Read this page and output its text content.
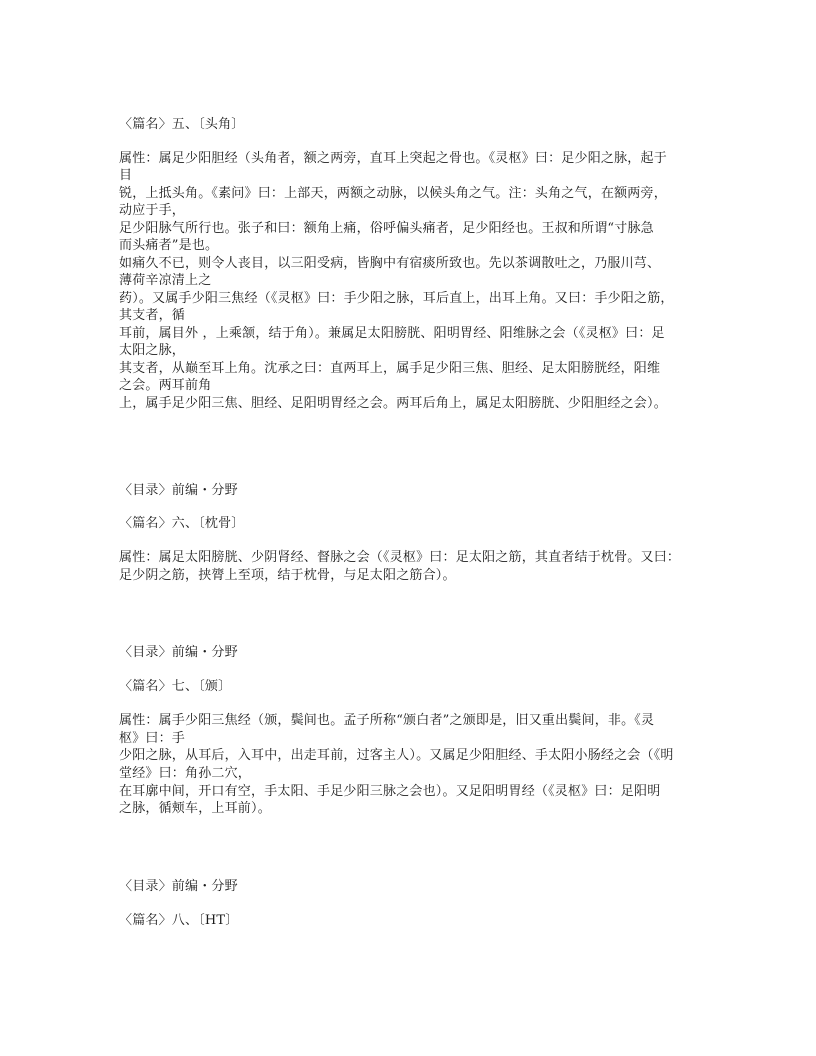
〈篇名〉五、〔头角〕
属性：属足少阳胆经（头角者，额之两旁，直耳上突起之骨也。《灵枢》曰：足少阳之脉，起于
目
锐，上抵头角。《素问》曰：上部天，两额之动脉，以候头角之气。注：头角之气，在额两旁，
动应于手，
足少阳脉气所行也。张子和曰：额角上痛，俗呼偏头痛者，足少阳经也。王叔和所谓“寸脉急
而头痛者”是也。
如痛久不已，则令人丧目，以三阳受病，皆胸中有宿痰所致也。先以茶调散吐之，乃服川芎、
薄荷辛凉清上之
药）。又属手少阳三焦经（《灵枢》曰：手少阳之脉，耳后直上，出耳上角。又曰：手少阳之筋，
其支者，循
耳前，属目外 ，上乘颔，结于角）。兼属足太阳膀胱、阳明胃经、阳维脉之会（《灵枢》曰：足
太阳之脉，
其支者，从巅至耳上角。沈承之曰：直两耳上，属手足少阳三焦、胆经、足太阳膀胱经，阳维
之会。两耳前角
上，属手足少阳三焦、胆经、足阳明胃经之会。两耳后角上，属足太阳膀胱、少阳胆经之会）。
〈目录〉前编・分野
〈篇名〉六、〔枕骨〕
属性：属足太阳膀胱、少阴肾经、督脉之会（《灵枢》曰：足太阳之筋，其直者结于枕骨。又曰：
足少阴之筋，挟膂上至项，结于枕骨，与足太阳之筋合）。
〈目录〉前编・分野
〈篇名〉七、〔颁〕
属性：属手少阳三焦经（颁，鬓间也。孟子所称“颁白者”之颁即是，旧又重出鬓间，非。《灵
枢》曰：手
少阳之脉，从耳后，入耳中，出走耳前，过客主人）。又属足少阳胆经、手太阳小肠经之会（《明
堂经》曰：角孙二穴，
在耳廓中间，开口有空，手太阳、手足少阳三脉之会也）。又足阳明胃经（《灵枢》曰：足阳明
之脉，循颊车，上耳前）。
〈目录〉前编・分野
〈篇名〉八、〔HT〕
